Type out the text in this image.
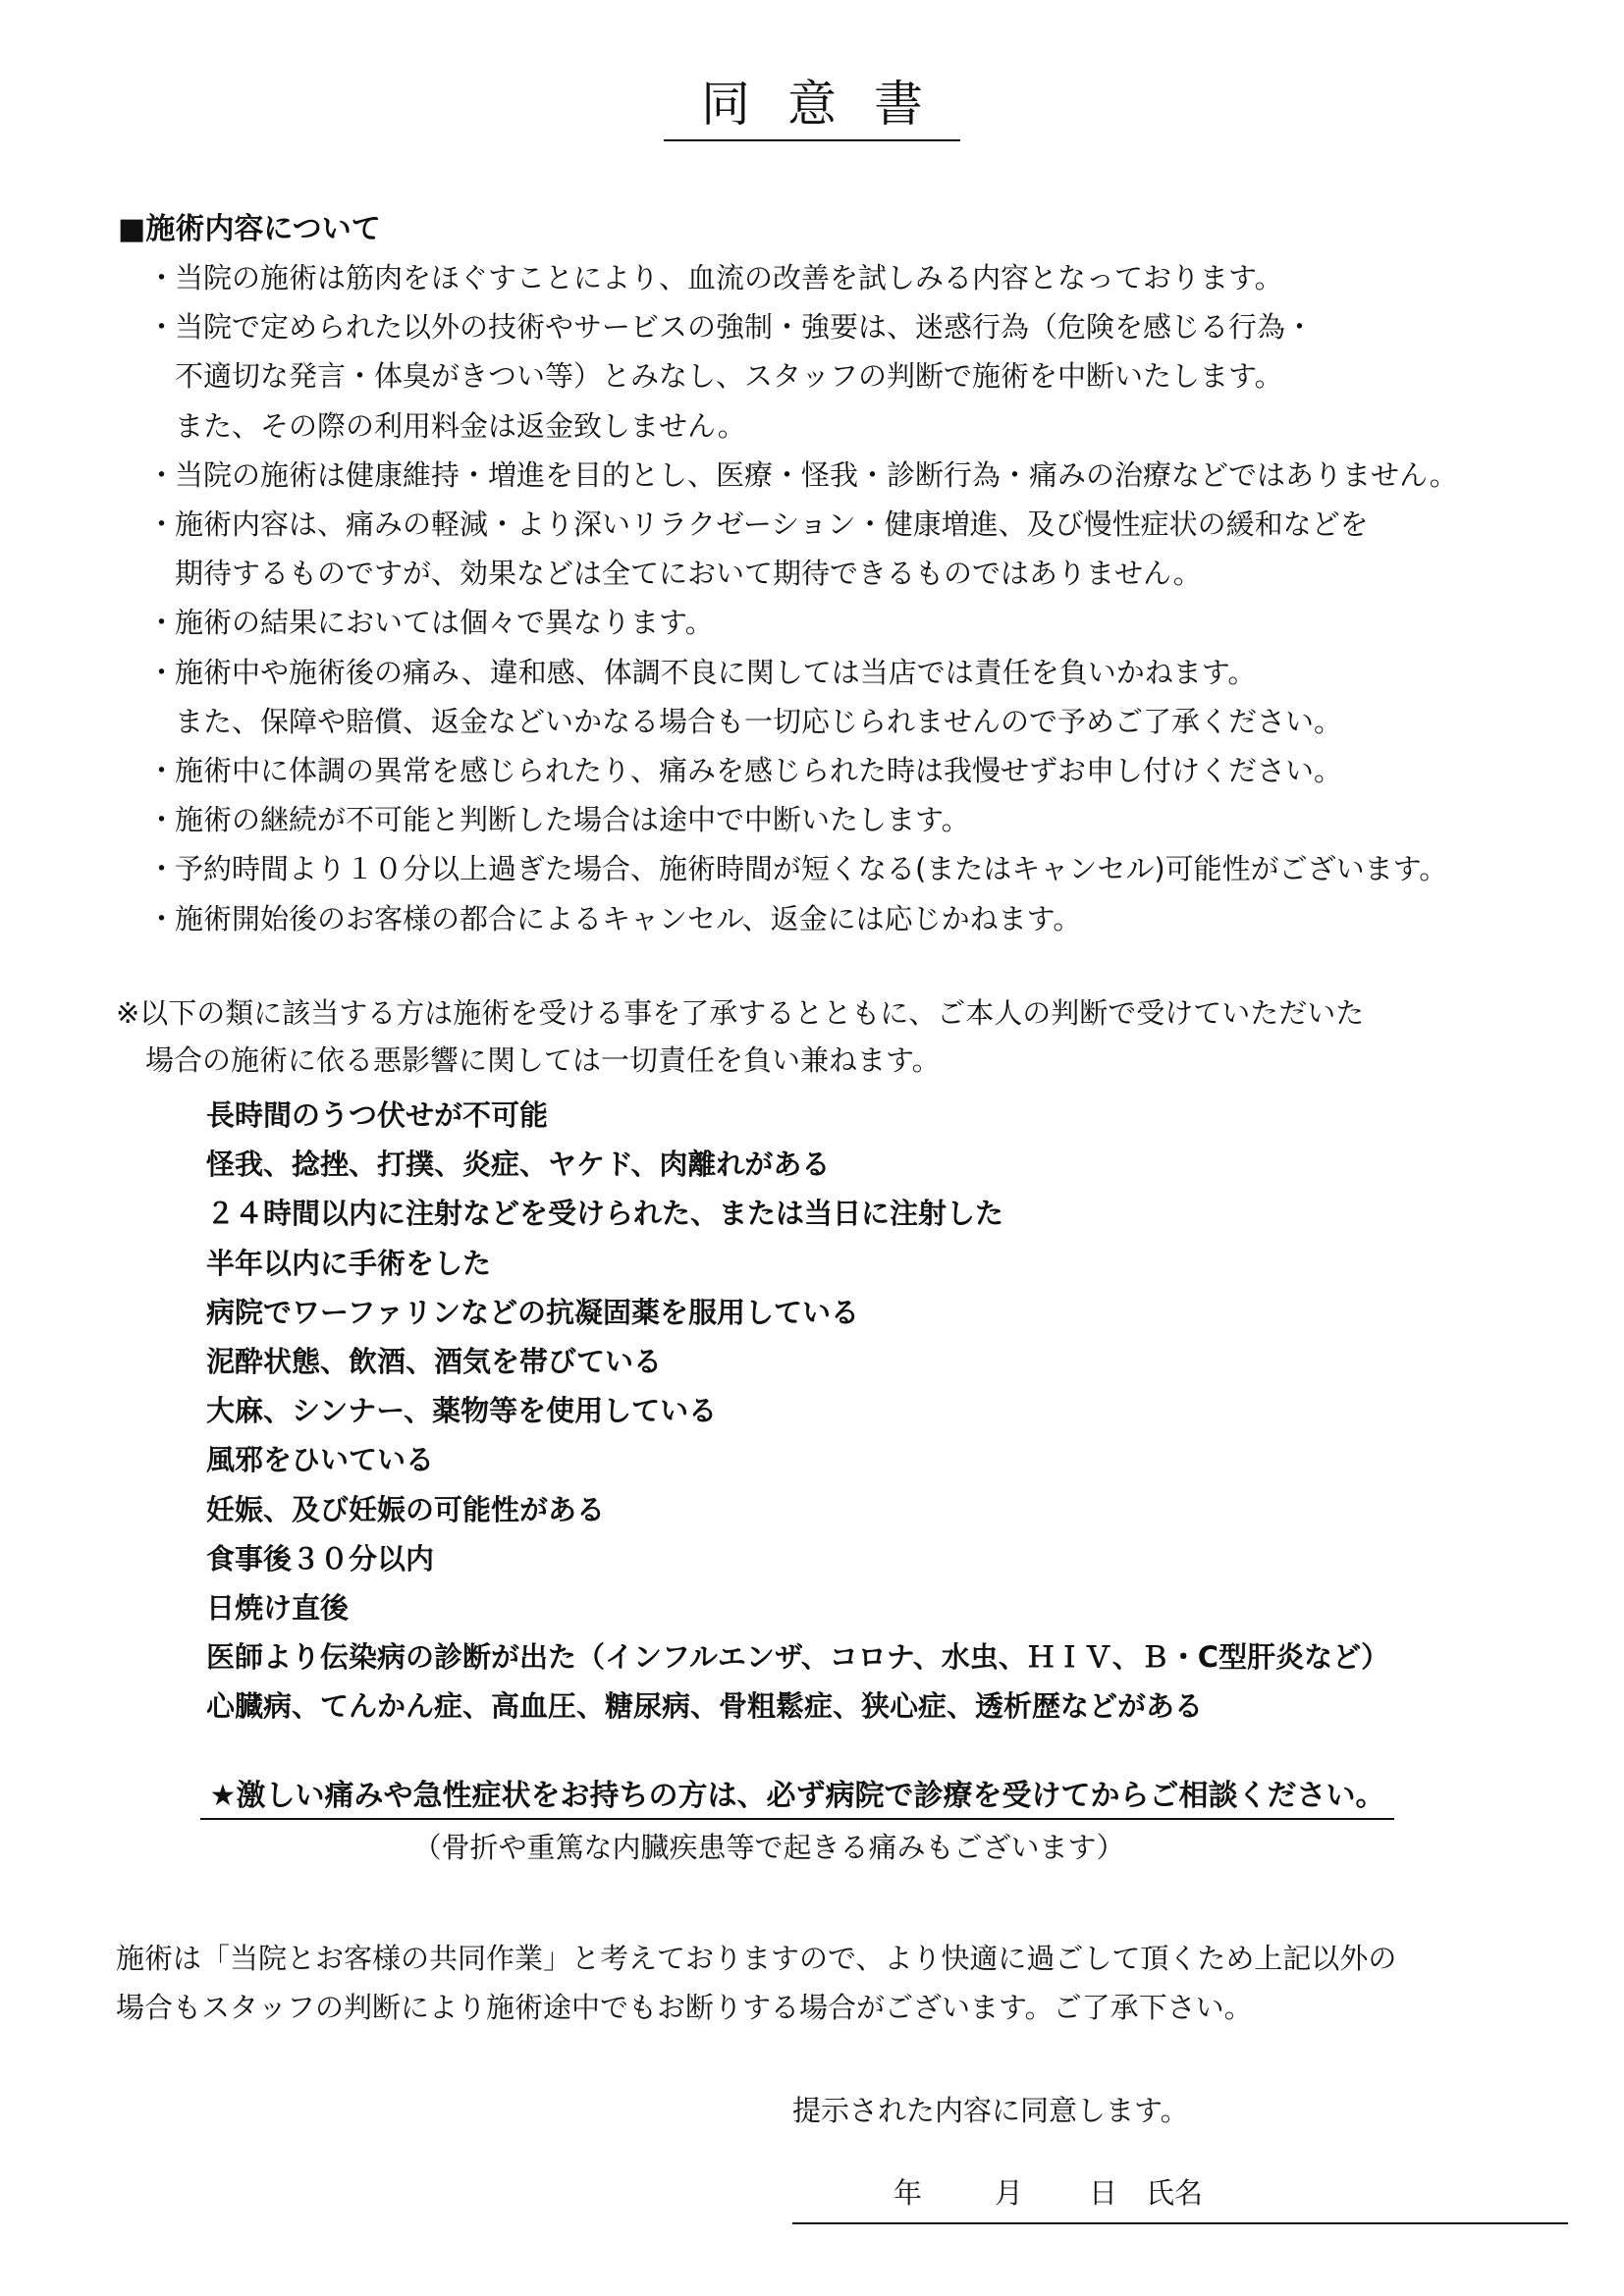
同意書
■施術内容について
・当院の施術は筋肉をほぐすことにより、血流の改善を試しみる内容となっております。
・当院で定められた以外の技術やサービスの強制・強要は、迷惑行為（危険を感じる行為・
不適切な発言・体臭がきつい等）とみなし、スタッフの判断で施術を中断いたします。
また、その際の利用料金は返金致しません。
・当院の施術は健康維持・増進を目的とし、医療・怪我・診断行為・痛みの治療などではありません。
・施術内容は、痛みの軽減・より深いリラクゼーション・健康増進、及び慢性症状の緩和などを
期待するものですが、効果などは全てにおいて期待できるものではありません。
・施術の結果においては個々で異なります。
・施術中や施術後の痛み、違和感、体調不良に関しては当店では責任を負いかねます。
また、保障や賠償、返金などいかなる場合も一切応じられませんので予めご了承ください。
・施術中に体調の異常を感じられたり、痛みを感じられた時は我慢せずお申し付けください。
・施術の継続が不可能と判断した場合は途中で中断いたします。
・予約時間より１０分以上過ぎた場合、施術時間が短くなる(またはキャンセル)可能性がございます。
・施術開始後のお客様の都合によるキャンセル、返金には応じかねます。

※以下の類に該当する方は施術を受ける事を了承するとともに、ご本人の判断で受けていただいた

場合の施術に依る悪影響に関しては一切責任を負い兼ねます。

長時間のうつ伏せが不可能
怪我、捻挫、打撲、炎症、ヤケド、肉離れがある
２４時間以内に注射などを受けられた、または当日に注射した
半年以内に手術をした
病院でワーファリンなどの抗凝固薬を服用している
泥酔状態、飲酒、酒気を帯びている
大麻、シンナー、薬物等を使用している
風邪をひいている
妊娠、及び妊娠の可能性がある
食事後３０分以内
日焼け直後
医師より伝染病の診断が出た（インフルエンザ、コロナ、水虫、ＨＩＶ、Ｂ・C型肝炎など）
心臓病、てんかん症、高血圧、糖尿病、骨粗鬆症、狭心症、透析歴などがある
★激しい痛みや急性症状をお持ちの方は、必ず病院で診療を受けてからご相談ください。
（骨折や重篤な内臓疾患等で起きる痛みもございます）

施術は「当院とお客様の共同作業」と考えておりますので、より快適に過ごして頂くため上記以外の

場合もスタッフの判断により施術途中でもお断りする場合がございます。ご了承下さい。

提示された内容に同意します。
年	月 日 氏名
